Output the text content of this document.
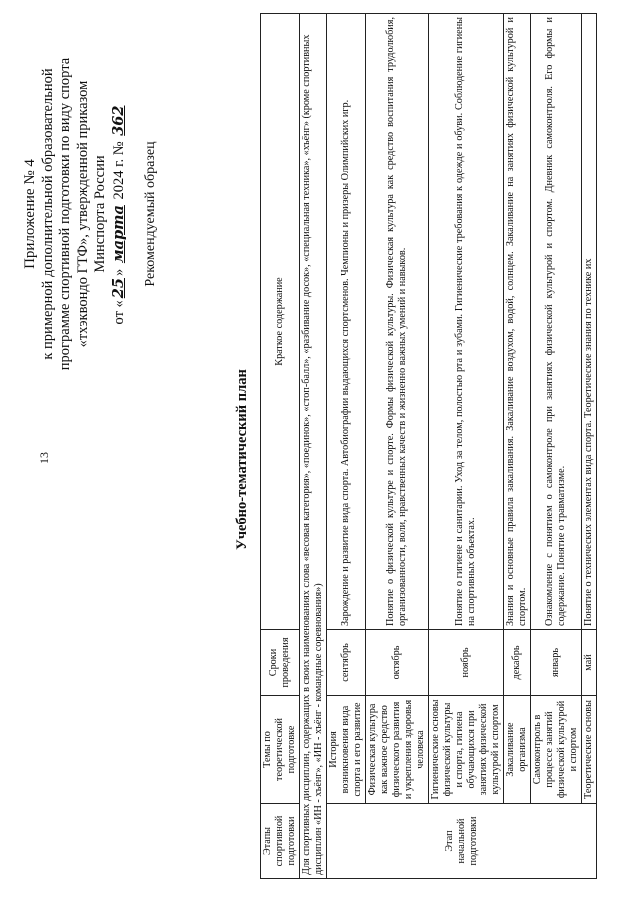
13
Приложение № 4 к примерной дополнительной образовательной программе спортивной подготовки по виду спорта «тхэквондо ГТФ», утвержденной приказом Минспорта России
от «25» марта 2024 г. № 362
Рекомендуемый образец
Учебно-тематический план
Этапы спортивной подготовки	Темы по теоретической подготовке	Сроки проведения	Краткое содержание
Для спортивных дисциплин, содержащих в своих наименованиях слова «весовая категория», «поединок», «стоп-балл», «разбивание досок», «специальная техника», «хъёнг» (кроме спортивных дисциплин «ИН - хъёнг», «ИН - хъёнг - командные соревнования»)			
Этап начальной подготовки	История возникновения вида спорта и его развитие	сентябрь	Зарождение и развитие вида спорта. Автобиографии выдающихся спортсменов. Чемпионы и призеры Олимпийских игр.
	Физическая культура как важное средство физического развития и укрепления здоровья человека	октябрь	Понятие о физической культуре и спорте. Формы физической культуры. Физическая культура как средство воспитания трудолюбия, организованности, воли, нравственных качеств и жизненно важных умений и навыков.
	Гигиенические основы физической культуры и спорта, гигиена обучающихся при занятиях физической культурой и спортом	ноябрь	Понятие о гигиене и санитарии. Уход за телом, полостью рта и зубами. Гигиенические требования к одежде и обуви. Соблюдение гигиены на спортивных объектах.
	Закаливание организма	декабрь	Знания и основные правила закаливания. Закаливание воздухом, водой, солнцем. Закаливание на занятиях физической культурой и спортом.
	Самоконтроль в процессе занятий физической культурой и спортом	январь	Ознакомление с понятием о самоконтроле при занятиях физической культурой и спортом. Дневник самоконтроля. Его формы и содержание. Понятие о травматизме.
	Теоретические основы	май	Понятие о технических элементах вида спорта. Теоретические знания по технике их
